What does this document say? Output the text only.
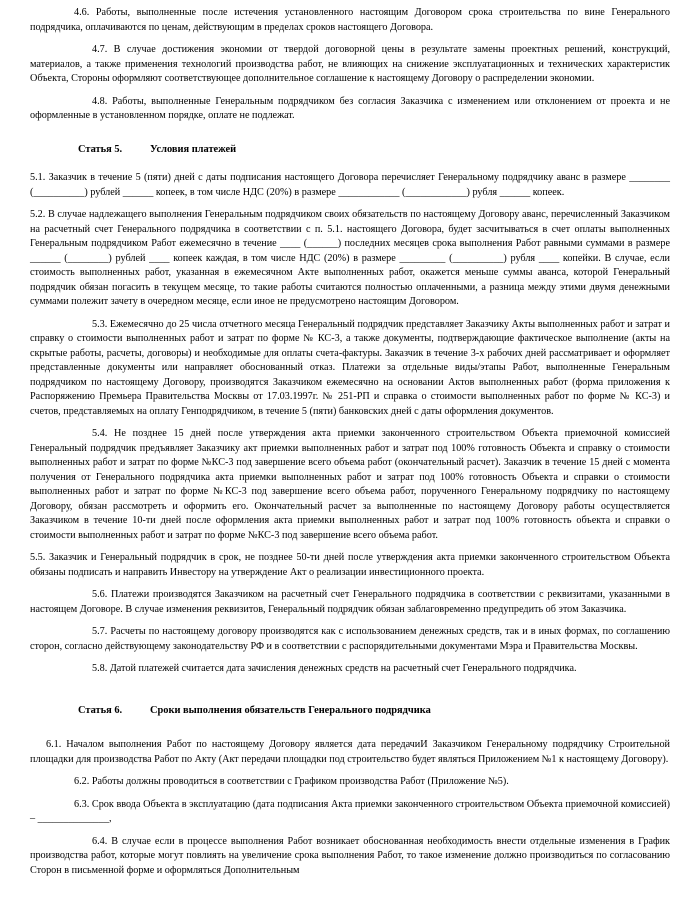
4.6. Работы, выполненные после истечения установленного настоящим Договором срока строительства по вине Генерального подрядчика, оплачиваются по ценам, действующим в пределах сроков настоящего Договора.

4.7. В случае достижения экономии от твердой договорной цены в результате замены проектных решений, конструкций, материалов, а также применения технологий производства работ, не влияющих на снижение эксплуатационных и технических характеристик Объекта, Стороны оформляют соответствующее дополнительное соглашение к настоящему Договору о распределении экономии.

4.8. Работы, выполненные Генеральным подрядчиком без согласия Заказчика с изменением или отклонением от проекта и не оформленные в установленном порядке, оплате не подлежат.

Статья 5.	Условия платежей

5.1. Заказчик в течение 5 (пяти) дней с даты подписания настоящего Договора перечисляет Генеральному подрядчику аванс в размере ________ (__________) рублей ______ копеек, в том числе НДС (20%) в размере ____________ (____________) рубля ______ копеек.

5.2. В случае надлежащего выполнения Генеральным подрядчиком своих обязательств по настоящему Договору аванс, перечисленный Заказчиком на расчетный счет Генерального подрядчика в соответствии с п. 5.1. настоящего Договора, будет засчитываться в счет оплаты выполненных Генеральным подрядчиком Работ ежемесячно в течение ____ (______) последних месяцев срока выполнения Работ равными суммами в размере ______ (________) рублей ____ копеек каждая, в том числе НДС (20%) в размере _________ (__________) рубля ____ копейки. В случае, если стоимость выполненных работ, указанная в ежемесячном Акте выполненных работ, окажется меньше суммы аванса, которой Генеральный подрядчик обязан погасить в текущем месяце, то такие работы считаются полностью оплаченными, а разница между этими двумя денежными суммами полежит зачету в очередном месяце, если иное не предусмотрено настоящим Договором.

5.3. Ежемесячно до 25 числа отчетного месяца Генеральный подрядчик представляет Заказчику Акты выполненных работ и затрат и справку о стоимости выполненных работ и затрат по форме № КС-3, а также документы, подтверждающие фактическое выполнение (акты на скрытые работы, расчеты, договоры) и необходимые для оплаты счета-фактуры. Заказчик в течение 3-х рабочих дней рассматривает и оформляет представленные документы или направляет обоснованный отказ. Платежи за отдельные виды/этапы Работ, выполненные Генеральным подрядчиком по настоящему Договору, производятся Заказчиком ежемесячно на основании Актов выполненных работ (форма приложения к Распоряжению Премьера Правительства Москвы от 17.03.1997г. № 251-РП и справка о стоимости выполненных работ по форме № КС-3) и счетов, представляемых на оплату Генподрядчиком, в течение 5 (пяти) банковских дней с даты оформления документов.

5.4. Не позднее 15 дней после утверждения акта приемки законченного строительством Объекта приемочной комиссией Генеральный подрядчик предъявляет Заказчику акт приемки выполненных работ и затрат под 100% готовность Объекта и справку о стоимости выполненных работ и затрат по форме №КС-3 под завершение всего объема работ (окончательный расчет). Заказчик в течение 15 дней с момента получения от Генерального подрядчика акта приемки выполненных работ и затрат под 100% готовность Объекта и справки о стоимости выполненных работ и затрат по форме №КС-3 под завершение всего объема работ, порученного Генеральному подрядчику по настоящему Договору, обязан рассмотреть и оформить его. Окончательный расчет за выполненные по настоящему Договору работы осуществляется Заказчиком в течение 10-ти дней после оформления акта приемки выполненных работ и затрат под 100% готовность объекта и справки о стоимости выполненных работ и затрат по форме №КС-3 под завершение всего объема работ.

5.5. Заказчик и Генеральный подрядчик в срок, не позднее 50-ти дней после утверждения акта приемки законченного строительством Объекта обязаны подписать и направить Инвестору на утверждение Акт о реализации инвестиционного проекта.

5.6. Платежи производятся Заказчиком на расчетный счет Генерального подрядчика в соответствии с реквизитами, указанными в настоящем Договоре. В случае изменения реквизитов, Генеральный подрядчик обязан заблаговременно предупредить об этом Заказчика.

5.7. Расчеты по настоящему договору производятся как с использованием денежных средств, так и в иных формах, по соглашению сторон, согласно действующему законодательству РФ и в соответствии с распорядительными документами Мэра и Правительства Москвы.

5.8. Датой платежей считается дата зачисления денежных средств на расчетный счет Генерального подрядчика.

Статья 6.	Сроки выполнения обязательств Генерального подрядчика

6.1. Началом выполнения Работ по настоящему Договору является дата передачиИ Заказчиком Генеральному подрядчику Строительной площадки для производства Работ по Акту (Акт передачи площадки под строительство будет являться Приложением №1 к настоящему Договору).

6.2. Работы должны проводиться в соответствии с Графиком производства Работ (Приложение №5).

6.3. Срок ввода Объекта в эксплуатацию (дата подписания Акта приемки законченного строительством Объекта приемочной комиссией) – ______________,

6.4. В случае если в процессе выполнения Работ возникает обоснованная необходимость внести отдельные изменения в График производства работ, которые могут повлиять на увеличение срока выполнения Работ, то такое изменение должно производиться по согласованию Сторон в письменной форме и оформляться Дополнительным
